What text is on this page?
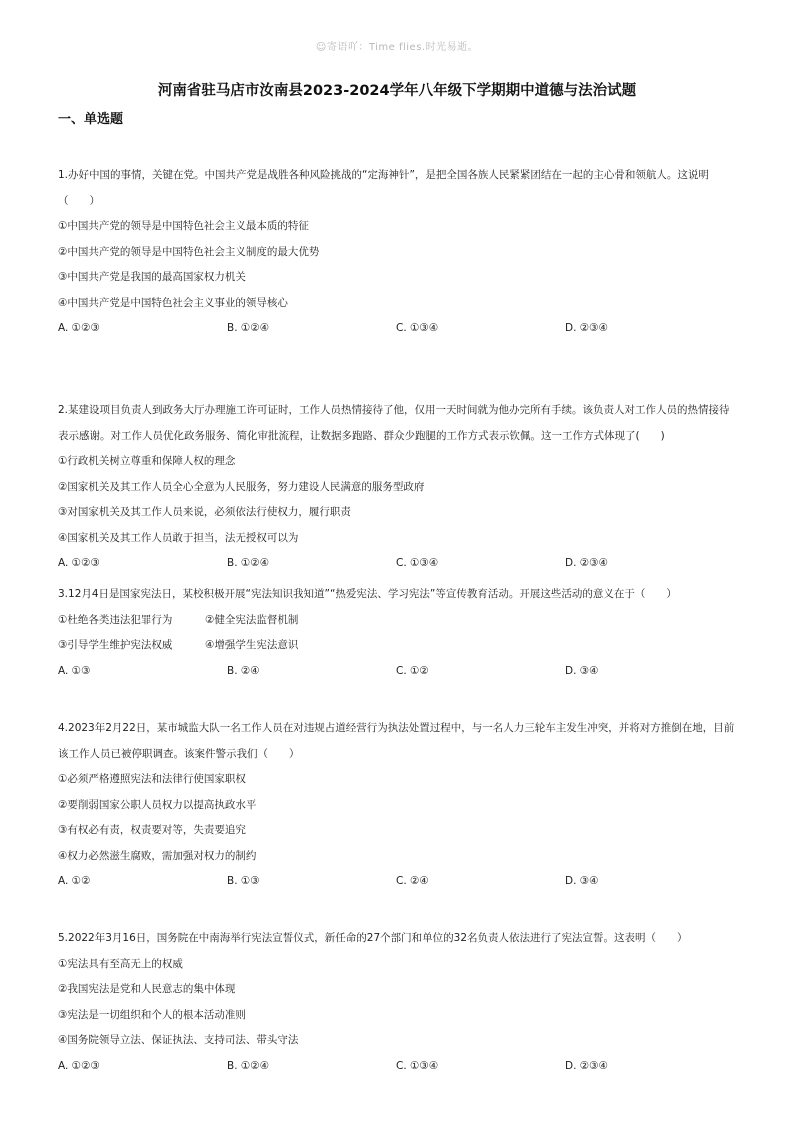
☺寄语吖：Time flies.时光易逝。
河南省驻马店市汝南县2023-2024学年八年级下学期期中道德与法治试题
一、单选题

1.办好中国的事情，关键在党。中国共产党是战胜各种风险挑战的“定海神针”，是把全国各族人民紧紧团结在一起的主心骨和领航人。这说明（　　）

①中国共产党的领导是中国特色社会主义最本质的特征

②中国共产党的领导是中国特色社会主义制度的最大优势

③中国共产党是我国的最高国家权力机关

④中国共产党是中国特色社会主义事业的领导核心

A. ①②③	B. ①②④	C. ①③④	D. ②③④

2.某建设项目负责人到政务大厅办理施工许可证时，工作人员热情接待了他，仅用一天时间就为他办完所有手续。该负责人对工作人员的热情接待表示感谢。对工作人员优化政务服务、简化审批流程，让数据多跑路、群众少跑腿的工作方式表示钦佩。这一工作方式体现了(　　)

①行政机关树立尊重和保障人权的理念

②国家机关及其工作人员全心全意为人民服务，努力建设人民满意的服务型政府

③对国家机关及其工作人员来说，必须依法行使权力，履行职责

④国家机关及其工作人员敢于担当，法无授权可以为

A. ①②③	B. ①②④	C. ①③④	D. ②③④

3.12月4日是国家宪法日，某校积极开展“宪法知识我知道”“热爱宪法、学习宪法”等宣传教育活动。开展这些活动的意义在于（　　）

①杜绝各类违法犯罪行为	②健全宪法监督机制
③引导学生维护宪法权威	④增强学生宪法意识
A. ①③	B. ②④	C. ①②	D. ③④

4.2023年2月22日，某市城监大队一名工作人员在对违规占道经营行为执法处置过程中，与一名人力三轮车主发生冲突，并将对方推倒在地，目前该工作人员已被停职调查。该案件警示我们（　　）

①必须严格遵照宪法和法律行使国家职权

②要削弱国家公职人员权力以提高执政水平

③有权必有责，权责要对等，失责要追究

④权力必然滋生腐败，需加强对权力的制约

A. ①②	B. ①③	C. ②④	D. ③④

5.2022年3月16日，国务院在中南海举行宪法宣誓仪式，新任命的27个部门和单位的32名负责人依法进行了宪法宣誓。这表明（　　）

①宪法具有至高无上的权威

②我国宪法是党和人民意志的集中体现

③宪法是一切组织和个人的根本活动准则

④国务院领导立法、保证执法、支持司法、带头守法

A. ①②③	B. ①②④	C. ①③④	D. ②③④
